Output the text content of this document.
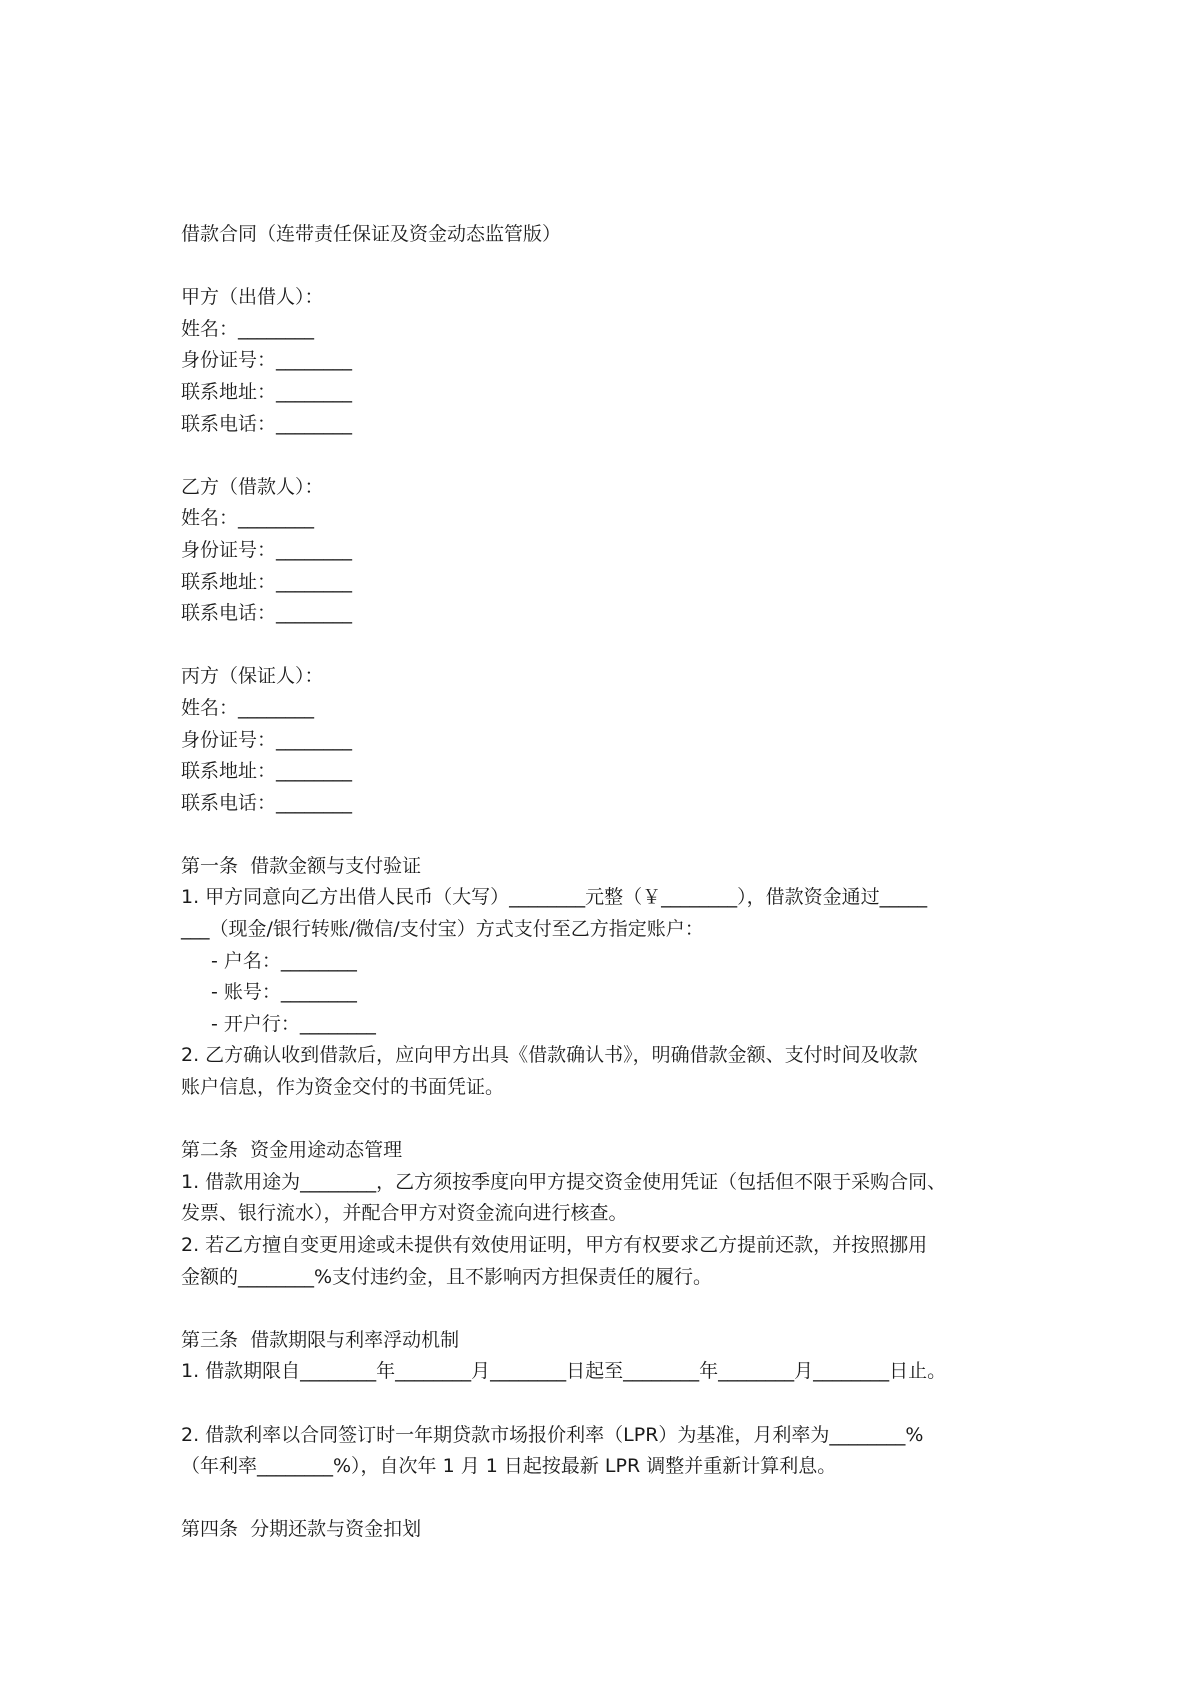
借款合同（连带责任保证及资金动态监管版）
甲方（出借人）：
姓名：________
身份证号：________
联系地址：________
联系电话：________
乙方（借款人）：
姓名：________
身份证号：________
联系地址：________
联系电话：________
丙方（保证人）：
姓名：________
身份证号：________
联系地址：________
联系电话：________
第一条  借款金额与支付验证
1. 甲方同意向乙方出借人民币（大写）________元整（￥________），借款资金通过_____
___（现金/银行转账/微信/支付宝）方式支付至乙方指定账户：
- 户名：________
- 账号：________
- 开户行：________
2. 乙方确认收到借款后，应向甲方出具《借款确认书》，明确借款金额、支付时间及收款
账户信息，作为资金交付的书面凭证。
第二条  资金用途动态管理
1. 借款用途为________，乙方须按季度向甲方提交资金使用凭证（包括但不限于采购合同、
发票、银行流水），并配合甲方对资金流向进行核查。
2. 若乙方擅自变更用途或未提供有效使用证明，甲方有权要求乙方提前还款，并按照挪用
金额的________%支付违约金，且不影响丙方担保责任的履行。
第三条  借款期限与利率浮动机制
1. 借款期限自________年________月________日起至________年________月________日止。
2. 借款利率以合同签订时一年期贷款市场报价利率（LPR）为基准，月利率为________%
（年利率________%），自次年 1 月 1 日起按最新 LPR 调整并重新计算利息。
第四条  分期还款与资金扣划
